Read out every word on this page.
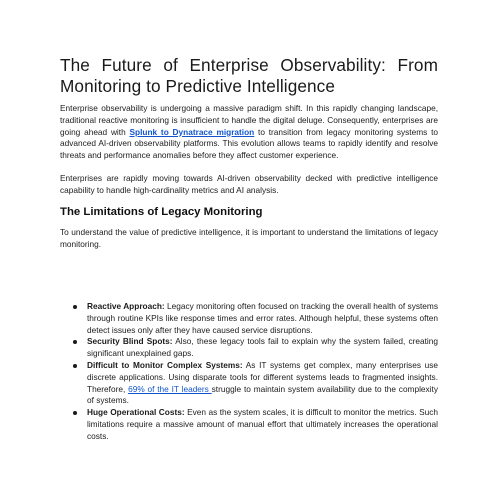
The Future of Enterprise Observability: From Monitoring to Predictive Intelligence

Enterprise observability is undergoing a massive paradigm shift. In this rapidly changing landscape, traditional reactive monitoring is insufficient to handle the digital deluge. Consequently, enterprises are going ahead with Splunk to Dynatrace migration to transition from legacy monitoring systems to advanced AI-driven observability platforms. This evolution allows teams to rapidly identify and resolve threats and performance anomalies before they affect customer experience.

Enterprises are rapidly moving towards AI-driven observability decked with predictive intelligence capability to handle high-cardinality metrics and AI analysis.

The Limitations of Legacy Monitoring

To understand the value of predictive intelligence, it is important to understand the limitations of legacy monitoring.

Reactive Approach: Legacy monitoring often focused on tracking the overall health of systems through routine KPIs like response times and error rates. Although helpful, these systems often detect issues only after they have caused service disruptions.
Security Blind Spots: Also, these legacy tools fail to explain why the system failed, creating significant unexplained gaps.
Difficult to Monitor Complex Systems: As IT systems get complex, many enterprises use discrete applications. Using disparate tools for different systems leads to fragmented insights. Therefore, 69% of the IT leaders struggle to maintain system availability due to the complexity of systems.
Huge Operational Costs: Even as the system scales, it is difficult to monitor the metrics. Such limitations require a massive amount of manual effort that ultimately increases the operational costs.
